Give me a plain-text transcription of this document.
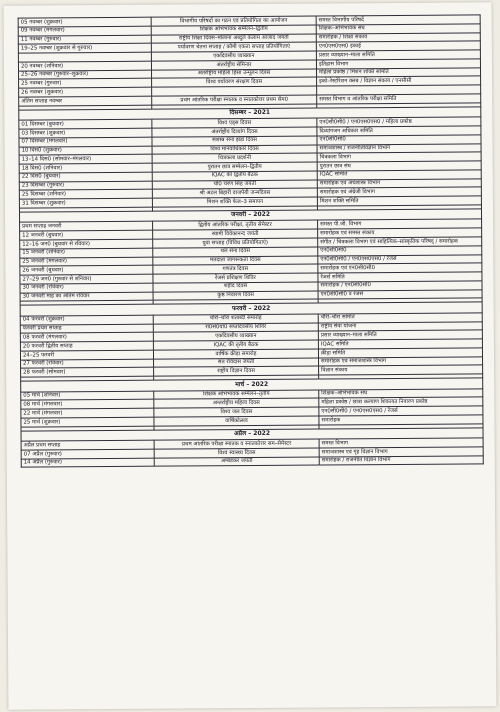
05 नवम्बर (शुक्रवार)	विभागीय परिषदों का गठन एवं प्रतियोगिता का आयोजन	समस्त विभागीय परिषदें
09 नवम्बर (मंगलवार)	शिक्षक अभिभावक सम्मेलन–द्वितीय	शिक्षक–अभिभावक संघ
11 नवम्बर (गुरुवार)	राष्ट्रीय शिक्षा दिवस–मौलाना अब्दुल कलाम आजाद जयंती	समारोहक / शिक्षा संकाय
19–25 नवम्बर (शुक्रवार से गुरुवार)	पर्यावरण चेतना सप्ताह / कौमी एकता सप्ताह प्रतियोगिताएं	एन0एस0एस0 इकाई
	एकदिवसीय व्याख्यान	प्रसार व्याख्यान–माला समिति
20 नवम्बर (शनिवार)	अंतर्राष्ट्रीय सेमिनार	इतिहास विभाग
25–26 नवम्बर (गुरुवार–शुक्रवार)	अंतर्राष्ट्रीय महिला हिंसा उन्मूलन दिवस	महिला प्रकोष्ठ / मिशन शक्ति समिति
25 नवम्बर (गुरुवार)	विश्व पर्यावरण संरक्षण दिवस	इको–रेस्टोरेशन क्लब / विज्ञान संकाय / एनसीसी
26 नवम्बर (शुक्रवार)		
अंतिम सप्ताह नवम्बर	प्रथम आंतरिक परीक्षा स्नातक व स्नातकोत्तर प्रथम सेम0	समस्त विभाग व आंतरिक परीक्षा समिति

दिसम्बर – 2021		
01 दिसम्बर (बुधवार)	विश्व एड्स दिवस	एन0सी0सी0 / एन0एस0एस0 / महिला प्रकोष्ठ
03 दिसम्बर (शुक्रवार)	अंतर्राष्ट्रीय दिव्यांग दिवस	दिव्यांगजन अधिकार समिति
07 दिसम्बर (मंगलवार)	सशस्त्र सेना झंडा दिवस	एन0सी0सी0
10 दिस0 (शुक्रवार)	विश्व मानवाधिकार दिवस	समाजशास्त्र / राजनीतिविज्ञान विभाग
13–14 दिस0 (सोमवार–मंगलवार)	चित्रकला प्रदर्शनी	चित्रकला विभाग
18 दिस0 (शनिवार)	पुरातन छात्र सम्मेलन–द्वितीय	पुरातन छात्र संघ
22 दिस0 (बुधवार)	IQAC की द्वितीय बैठक	IQAC समिति
23 दिसम्बर (गुरुवार)	चौ0 चरण सिंह जयंती	समारोहक एवं अर्थशास्त्र विभाग
25 दिसम्बर (शनिवार)	श्री अटल बिहारी वाजपेयी जन्मदिवस	समारोहक एवं अंग्रेजी विभाग
31 दिसम्बर (शुक्रवार)	मिशन शक्ति फेज–3 समापन	मिशन शक्ति समिति

जनवरी – 2022		
प्रथम सप्ताह जनवरी	द्वितीय आंतरिक परीक्षा, तृतीय सेमेस्टर	समस्त पी.जी. विभाग
12 जनवरी (बुधवार)	स्वामी विवेकानन्द जयंती	समारोहक एवं समस्त संकाय
12–16 जन0 (बुधवार से रविवार)	युवा सप्ताह (विविध प्रतियोगिताएं)	संगीत / चित्रकला विभाग एवं साहित्यिक–सांस्कृतिक परिषद् / समारोहक
15 जनवरी (शनिवार)	थल सेना दिवस	एन0सी0सी0
25 जनवरी (मंगलवार)	मतदाता जागरूकता दिवस	एन0सी0सी0 / एन0एस0एस0 / रेंजर्स
26 जनवरी (बुधवार)	गणतंत्र दिवस	समारोहक एवं एन0सी0सी0
27–29 जन0 (गुरुवार से शनिवार)	रेंजर्स प्रशिक्षण शिविर	रेंजर्स समिति
30 जनवरी (रविवार)	शहीद दिवस	समारोहक / एन0सी0सी0
30 जनवरी माह का अंतिम रविवार	कुष्ठ निवारण दिवस	एन0सी0सी0 व रेंजर्स

फरवरी – 2022		
04 फरवरी (शुक्रवार)	चौरी–चौरा शताब्दी समारोह	चौरी–चौरा समिति
फरवरी प्रथम सप्ताह	रा0से0यो0 सप्तदिवसीय शिविर	राष्ट्रीय सेवा योजना
08 फरवरी (मंगलवार)	एकदिवसीय व्याख्यान	प्रसार व्याख्यान–माला समिति
20 फरवरी द्वितीय सप्ताह	IQAC की तृतीय बैठक	IQAC समिति
24–25 फरवरी	वार्षिक क्रीड़ा समारोह	क्रीड़ा समिति
27 फरवरी (रविवार)	संत रविदास जयंती	समारोहक एवं समाजशास्त्र विभाग
28 फरवरी (सोमवार)	राष्ट्रीय विज्ञान दिवस	विज्ञान संकाय

मार्च – 2022		
05 मार्च (शनिवार)	शिक्षक अभिभावक सम्मेलन–तृतीय	शिक्षक–अभिभावक संघ
08 मार्च (मंगलवार)	अन्तर्राष्ट्रीय महिला दिवस	महिला प्रकोष्ठ / छात्रा कल्याण शिकायत निवारण प्रकोष्ठ
22 मार्च (मंगलवार)	विश्व जल दिवस	एन0सी0सी0 / एन0एस0एस0 / रेंजर्स
25 मार्च (शुक्रवार)	वार्षिकोत्सव	समारोहक

अप्रैल – 2022		
अप्रैल प्रथम सप्ताह	प्रथम आंतरिक परीक्षा स्नातक व स्नातकोत्तर सम–सेमेस्टर	समस्त विभाग
07 अप्रैल (गुरुवार)	विश्व स्वास्थ्य दिवस	समाजशास्त्र एवं गृह विज्ञान विभाग
14 अप्रैल (गुरुवार)	अम्बेडकर जयंती	समारोहक / राजनीति विज्ञान विभाग
